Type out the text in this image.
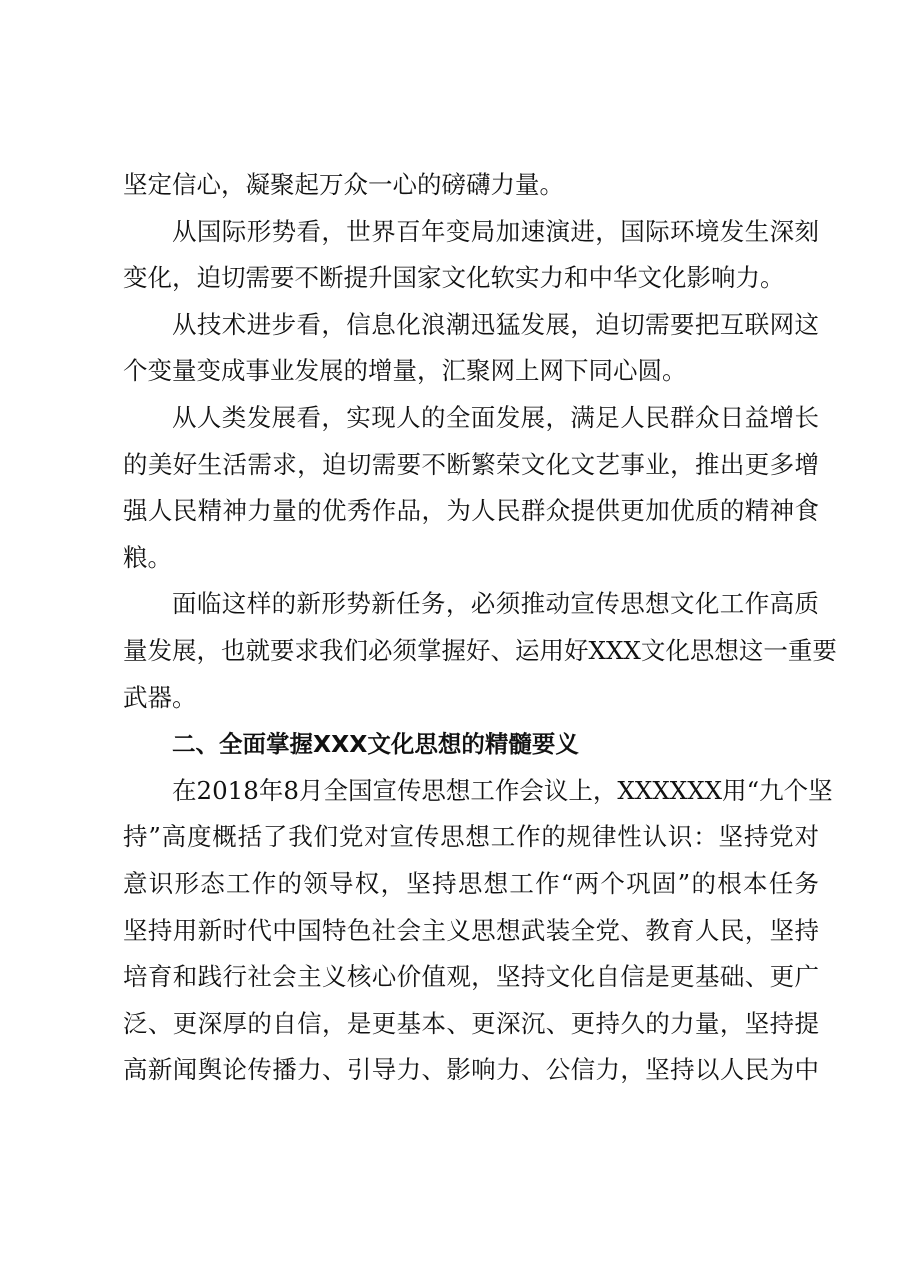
坚定信心，凝聚起万众一心的磅礴力量。
从国际形势看，世界百年变局加速演进，国际环境发生深刻
变化，迫切需要不断提升国家文化软实力和中华文化影响力。
从技术进步看，信息化浪潮迅猛发展，迫切需要把互联网这
个变量变成事业发展的增量，汇聚网上网下同心圆。
从人类发展看，实现人的全面发展，满足人民群众日益增长
的美好生活需求，迫切需要不断繁荣文化文艺事业，推出更多增
强人民精神力量的优秀作品，为人民群众提供更加优质的精神食
粮。
面临这样的新形势新任务，必须推动宣传思想文化工作高质
量发展，也就要求我们必须掌握好、运用好XXX文化思想这一重要
武器。
二、全面掌握XXX文化思想的精髓要义
在2018年8月全国宣传思想工作会议上，XXXXXX用“九个坚
持”高度概括了我们党对宣传思想工作的规律性认识：坚持党对
意识形态工作的领导权，坚持思想工作“两个巩固”的根本任务
坚持用新时代中国特色社会主义思想武装全党、教育人民，坚持
培育和践行社会主义核心价值观，坚持文化自信是更基础、更广
泛、更深厚的自信，是更基本、更深沉、更持久的力量，坚持提
高新闻舆论传播力、引导力、影响力、公信力，坚持以人民为中
